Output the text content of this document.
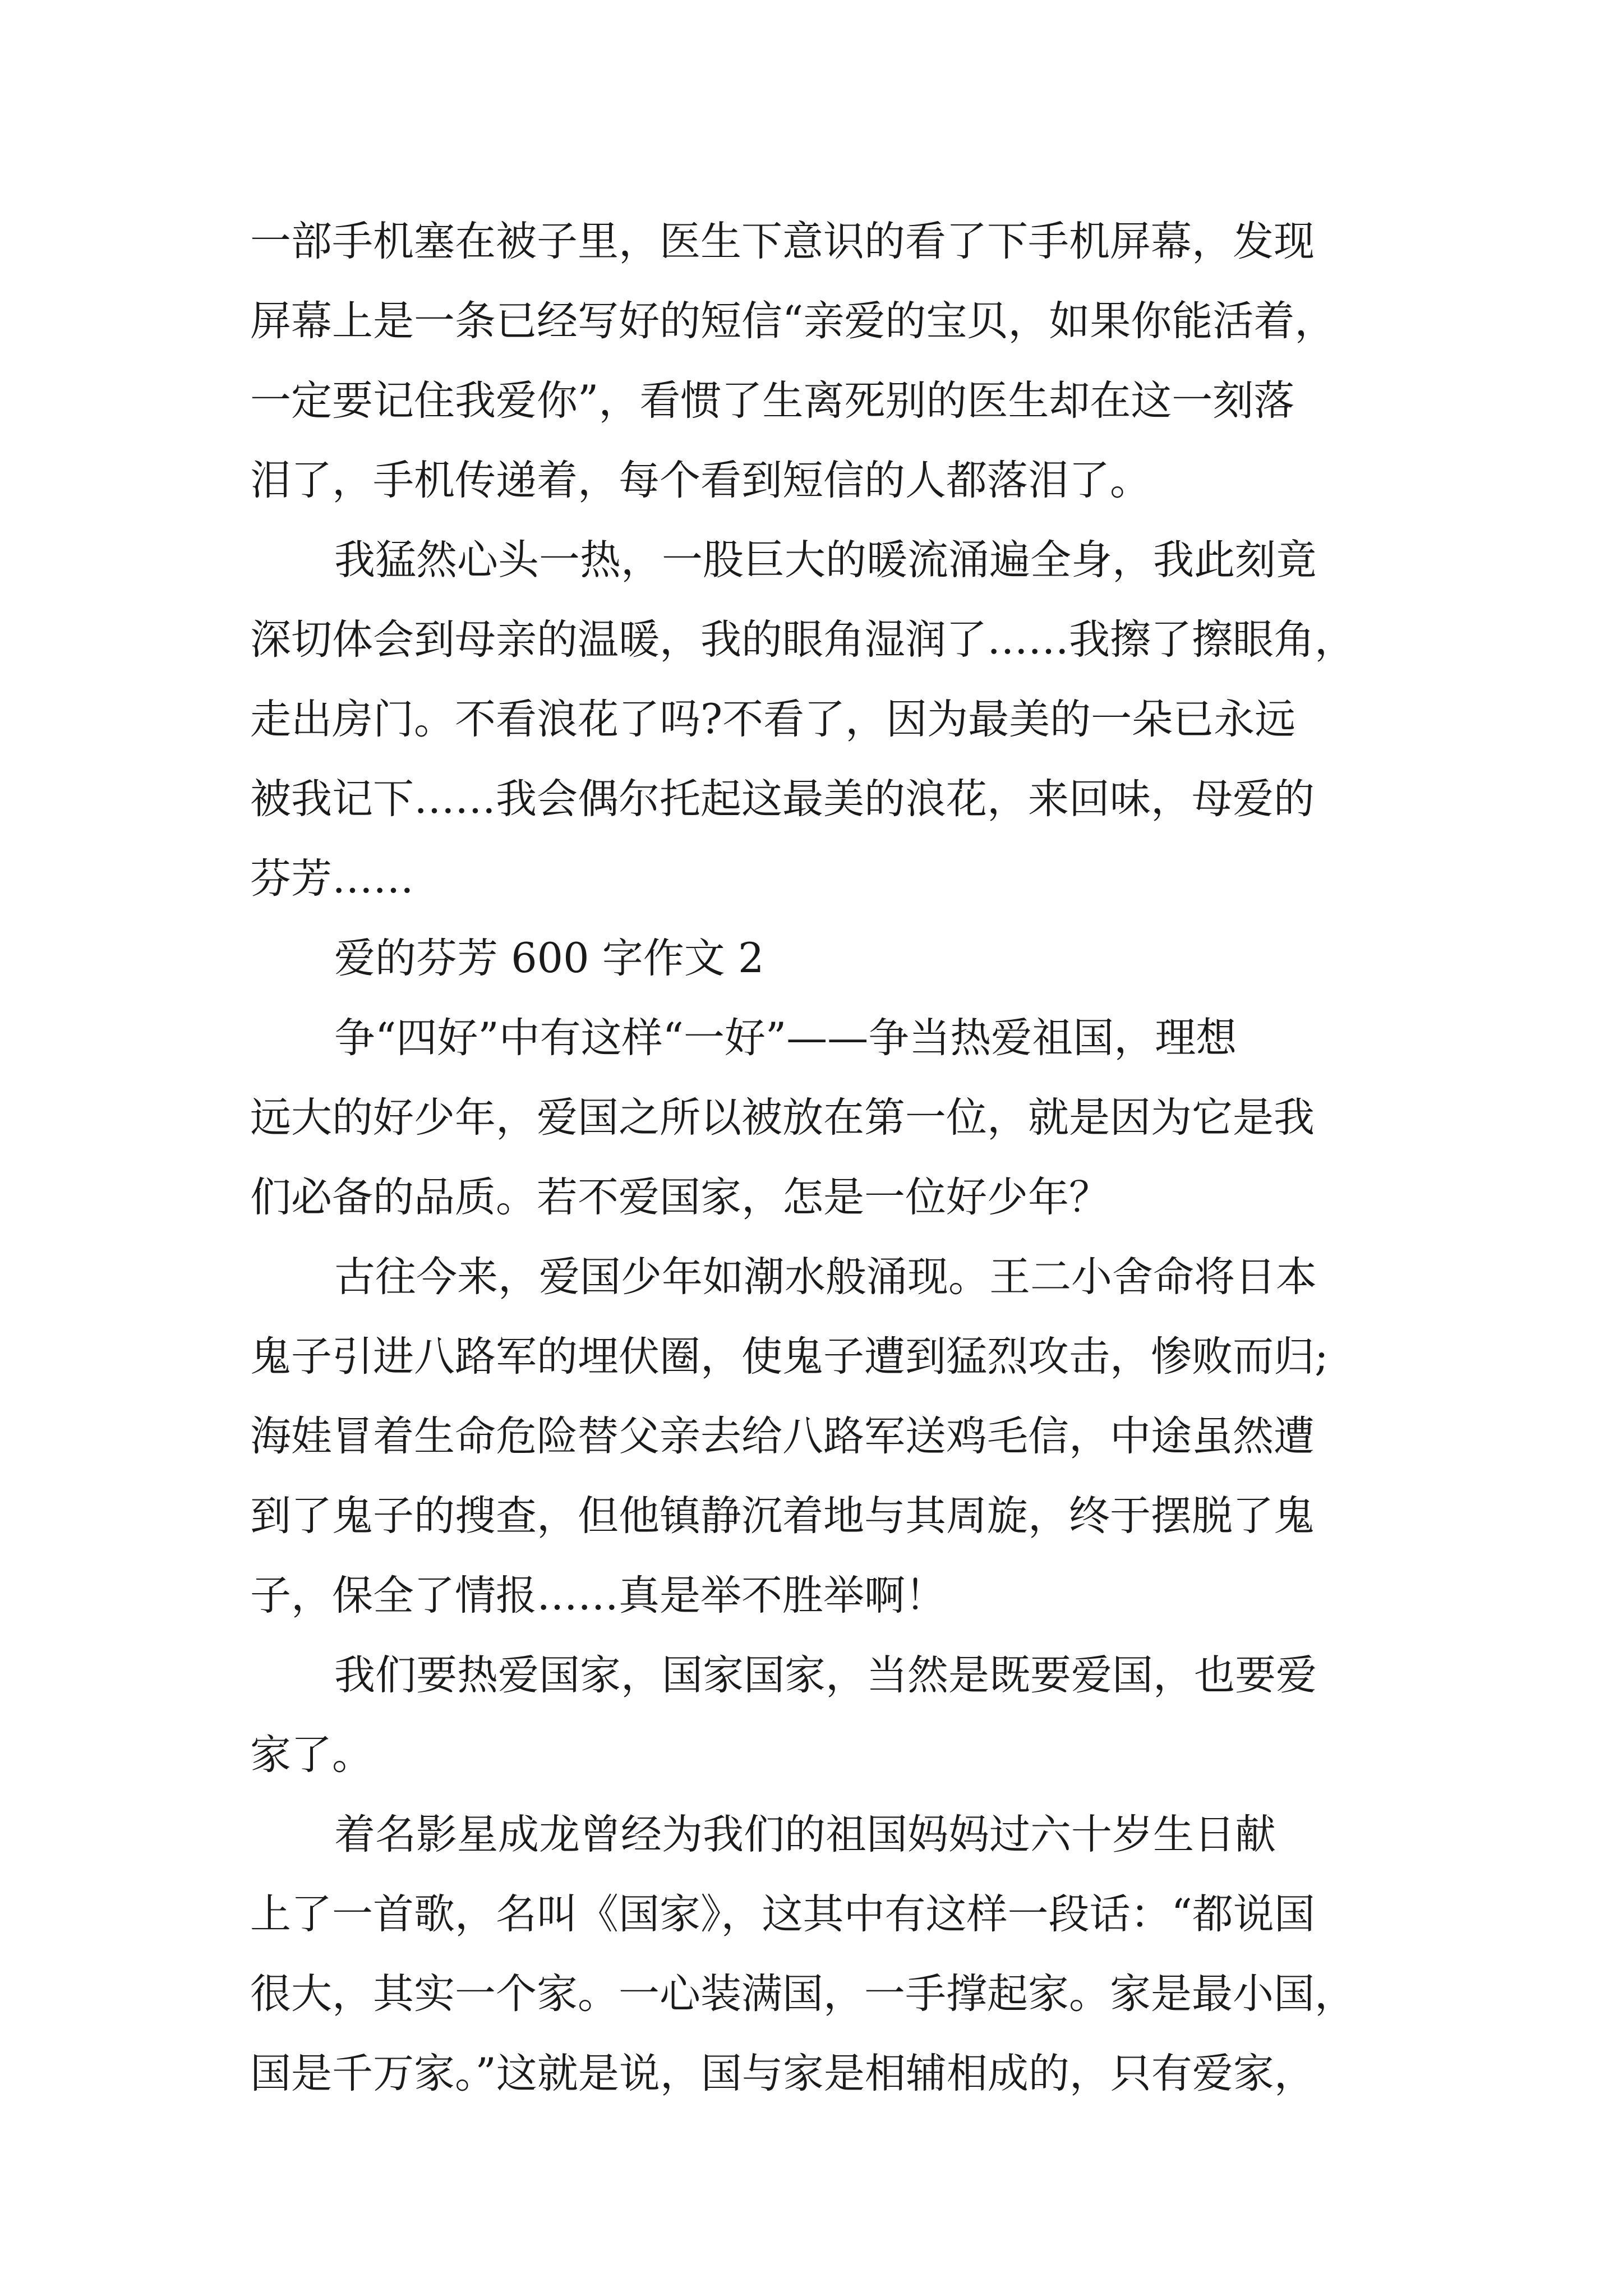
一部手机塞在被子里，医生下意识的看了下手机屏幕，发现
屏幕上是一条已经写好的短信“亲爱的宝贝，如果你能活着，
一定要记住我爱你”，看惯了生离死别的医生却在这一刻落
泪了，手机传递着，每个看到短信的人都落泪了。
我猛然心头一热，一股巨大的暖流涌遍全身，我此刻竟
深切体会到母亲的温暖，我的眼角湿润了……我擦了擦眼角，
走出房门。不看浪花了吗?不看了，因为最美的一朵已永远
被我记下……我会偶尔托起这最美的浪花，来回味，母爱的
芬芳……
爱的芬芳 600 字作文 2
争“四好”中有这样“一好”——争当热爱祖国，理想
远大的好少年，爱国之所以被放在第一位，就是因为它是我
们必备的品质。若不爱国家，怎是一位好少年？
古往今来，爱国少年如潮水般涌现。王二小舍命将日本
鬼子引进八路军的埋伏圈，使鬼子遭到猛烈攻击，惨败而归;
海娃冒着生命危险替父亲去给八路军送鸡毛信，中途虽然遭
到了鬼子的搜查，但他镇静沉着地与其周旋，终于摆脱了鬼
子，保全了情报……真是举不胜举啊！
我们要热爱国家，国家国家，当然是既要爱国，也要爱
家了。
着名影星成龙曾经为我们的祖国妈妈过六十岁生日献
上了一首歌，名叫《国家》，这其中有这样一段话：“都说国
很大，其实一个家。一心装满国，一手撑起家。家是最小国，
国是千万家。”这就是说，国与家是相辅相成的，只有爱家，
